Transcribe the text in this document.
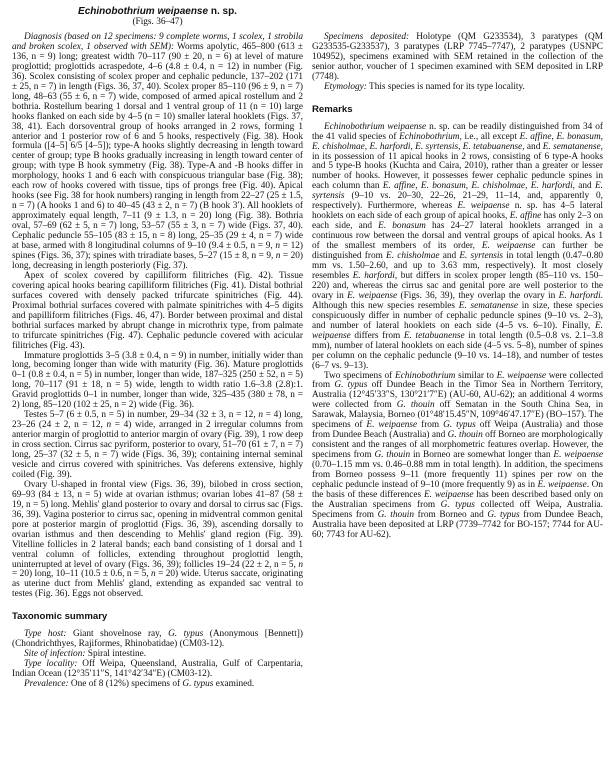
Echinobothrium weipaense n. sp.
(Figs. 36–47)

Diagnosis (based on 12 specimens: 9 complete worms, 1 scolex, 1 strobila and broken scolex, 1 observed with SEM): Worms apolytic, 465–800 (613 ± 136, n = 9) long; greatest width 70–117 (90 ± 20, n = 6) at level of mature proglottid; proglottids acraspedote, 4–6 (4.8 ± 0.4, n = 12) in number (Fig. 36). Scolex consisting of scolex proper and cephalic peduncle, 137–202 (171 ± 25, n = 7) in length (Figs. 36, 37, 40). Scolex proper 85–110 (96 ± 9, n = 7) long, 48–63 (55 ± 6, n = 7) wide, composed of armed apical rostellum and 2 bothria. Rostellum bearing 1 dorsal and 1 ventral group of 11 (n = 10) large hooks flanked on each side by 4–5 (n = 10) smaller lateral hooklets (Figs. 37, 38, 41). Each dorsoventral group of hooks arranged in 2 rows, forming 1 anterior and 1 posterior row of 6 and 5 hooks, respectively (Fig. 38). Hook formula ([4–5] 6/5 [4–5]); type-A hooks slightly decreasing in length toward center of group; type B hooks gradually increasing in length toward center of group; with type B hook symmetry (Fig. 38). Type-A and -B hooks differ in morphology, hooks 1 and 6 each with conspicuous triangular base (Fig. 38); each row of hooks covered with tissue, tips of prongs free (Fig. 40). Apical hooks (see Fig. 38 for hook numbers) ranging in length from 22–27 (25 ± 1.5, n = 7) (A hooks 1 and 6) to 40–45 (43 ± 2, n = 7) (B hook 3′). All hooklets of approximately equal length, 7–11 (9 ± 1.3, n = 20) long (Fig. 38). Bothria oval, 57–69 (62 ± 5, n = 7) long, 53–57 (55 ± 3, n = 7) wide (Figs. 37, 40). Cephalic peduncle 55–105 (83 ± 15, n = 8) long, 25–35 (29 ± 4, n = 7) wide at base, armed with 8 longitudinal columns of 9–10 (9.4 ± 0.5, n = 9, n = 12) spines (Figs. 36, 37); spines with triradiate bases, 5–27 (15 ± 8, n = 9, n = 20) long, decreasing in length posteriorly (Fig. 37).

Apex of scolex covered by capilliform filitriches (Fig. 42). Tissue covering apical hooks bearing capilliform filitriches (Fig. 41). Distal bothrial surfaces covered with densely packed trifurcate spinitriches (Fig. 44). Proximal bothrial surfaces covered with palmate spinitriches with 4–5 digits and papilliform filitriches (Figs. 46, 47). Border between proximal and distal bothrial surfaces marked by abrupt change in microthrix type, from palmate to trifurcate spinitriches (Fig. 47). Cephalic peduncle covered with acicular filitriches (Fig. 43).

Immature proglottids 3–5 (3.8 ± 0.4, n = 9) in number, initially wider than long, becoming longer than wide with maturity (Fig. 36). Mature proglottids 0–1 (0.8 ± 0.4, n = 5) in number, longer than wide, 187–325 (250 ± 52, n = 5) long, 70–117 (91 ± 18, n = 5) wide, length to width ratio 1.6–3.8 (2.8):1. Gravid proglottids 0–1 in number, longer than wide, 325–435 (380 ± 78, n = 2) long, 85–120 (102 ± 25, n = 2) wide (Fig. 36).

Testes 5–7 (6 ± 0.5, n = 5) in number, 29–34 (32 ± 3, n = 12, n = 4) long, 23–26 (24 ± 2, n = 12, n = 4) wide, arranged in 2 irregular columns from anterior margin of proglottid to anterior margin of ovary (Fig. 39), 1 row deep in cross section. Cirrus sac pyriform, posterior to ovary, 51–70 (61 ± 7, n = 7) long, 25–37 (32 ± 5, n = 7) wide (Figs. 36, 39); containing internal seminal vesicle and cirrus covered with spinitriches. Vas deferens extensive, highly coiled (Fig. 39).

Ovary U-shaped in frontal view (Figs. 36, 39), bilobed in cross section, 69–93 (84 ± 13, n = 5) wide at ovarian isthmus; ovarian lobes 41–87 (58 ± 19, n = 5) long. Mehlis' gland posterior to ovary and dorsal to cirrus sac (Figs. 36, 39). Vagina posterior to cirrus sac, opening in midventral common genital pore at posterior margin of proglottid (Figs. 36, 39), ascending dorsally to ovarian isthmus and then descending to Mehlis' gland region (Fig. 39). Vitelline follicles in 2 lateral bands; each band consisting of 1 dorsal and 1 ventral column of follicles, extending throughout proglottid length, uninterrupted at level of ovary (Figs. 36, 39); follicles 19–24 (22 ± 2, n = 5, n = 20) long, 10–11 (10.5 ± 0.6, n = 5, n = 20) wide. Uterus saccate, originating as uterine duct from Mehlis' gland, extending as expanded sac ventral to testes (Fig. 36). Eggs not observed.

Taxonomic summary

Type host: Giant shovelnose ray, G. typus (Anonymous [Bennett]) (Chondrichthyes, Rajiformes, Rhinobatidae) (CM03-12).

Site of infection: Spiral intestine.

Type locality: Off Weipa, Queensland, Australia, Gulf of Carpentaria, Indian Ocean (12°35′11″S, 141°42′34″E) (CM03-12).

Prevalence: One of 8 (12%) specimens of G. typus examined.

Specimens deposited: Holotype (QM G233534), 3 paratypes (QM G233535-G233537), 3 paratypes (LRP 7745–7747), 2 paratypes (USNPC 104952), specimens examined with SEM retained in the collection of the senior author, voucher of 1 specimen examined with SEM deposited in LRP (7748).

Etymology: This species is named for its type locality.

Remarks

Echinobothrium weipaense n. sp. can be readily distinguished from 34 of the 41 valid species of Echinobothrium, i.e., all except E. affine, E. bonasum, E. chisholmae, E. harfordi, E. syrtensis, E. tetabuanense, and E. sematanense, in its possession of 11 apical hooks in 2 rows, consisting of 6 type-A hooks and 5 type-B hooks (Kuchta and Caira, 2010), rather than a greater or lesser number of hooks. However, it possesses fewer cephalic peduncle spines in each column than E. affine, E. bonasum, E. chisholmae, E. harfordi, and E. syrtensis (9–10 vs. 20–30, 22–26, 21–29, 11–14, and, apparently 0, respectively). Furthermore, whereas E. weipaense n. sp. has 4–5 lateral hooklets on each side of each group of apical hooks, E. affine has only 2–3 on each side, and E. bonasum has 24–27 lateral hooklets arranged in a continuous row between the dorsal and ventral groups of apical hooks. As 1 of the smallest members of its order, E. weipaense can further be distinguished from E. chisholmae and E. syrtensis in total length (0.47–0.80 mm vs. 1.50–2.60, and up to 3.63 mm, respectively). It most closely resembles E. harfordi, but differs in scolex proper length (85–110 vs. 150–220) and, whereas the cirrus sac and genital pore are well posterior to the ovary in E. weipaense (Figs. 36, 39), they overlap the ovary in E. harfordi. Although this new species resembles E. sematanense in size, these species conspicuously differ in number of cephalic peduncle spines (9–10 vs. 2–3), and number of lateral hooklets on each side (4–5 vs. 6–10). Finally, E. weipaense differs from E. tetabuanense in total length (0.5–0.8 vs. 2.1–3.8 mm), number of lateral hooklets on each side (4–5 vs. 5–8), number of spines per column on the cephalic peduncle (9–10 vs. 14–18), and number of testes (6–7 vs. 9–13).

Two specimens of Echinobothrium similar to E. weipaense were collected from G. typus off Dundee Beach in the Timor Sea in Northern Territory, Australia (12°45′33″S, 130°21′7″E) (AU-60, AU-62); an additional 4 worms were collected from G. thouin off Sematan in the South China Sea, in Sarawak, Malaysia, Borneo (01°48′15.45″N, 109°46′47.17″E) (BO–157). The specimens of E. weipaense from G. typus off Weipa (Australia) and those from Dundee Beach (Australia) and G. thouin off Borneo are morphologically consistent and the ranges of all morphometric features overlap. However, the specimens from G. thouin in Borneo are somewhat longer than E. weipaense (0.70–1.15 mm vs. 0.46–0.88 mm in total length). In addition, the specimens from Borneo possess 9–11 (more frequently 11) spines per row on the cephalic peduncle instead of 9–10 (more frequently 9) as in E. weipaense. On the basis of these differences E. weipaense has been described based only on the Australian specimens from G. typus collected off Weipa, Australia. Specimens from G. thouin from Borneo and G. typus from Dundee Beach, Australia have been deposited at LRP (7739–7742 for BO-157; 7744 for AU-60; 7743 for AU-62).
